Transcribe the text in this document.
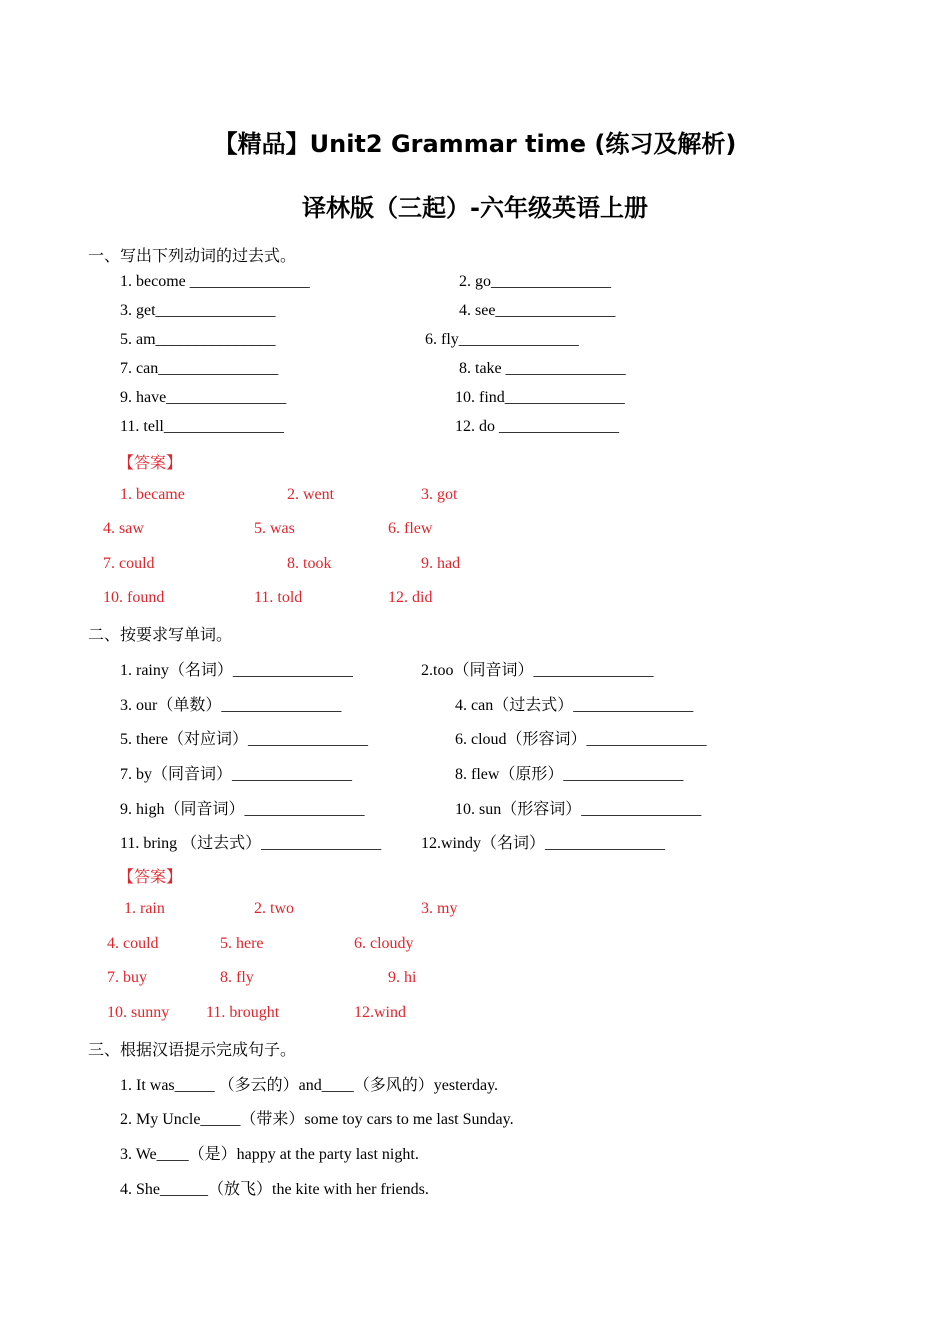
【精品】Unit2 Grammar time (练习及解析)
译林版（三起）-六年级英语上册
一、写出下列动词的过去式。
1. become _______________	2. go_______________
3. get_______________	4. see_______________
5. am_______________	6. fly_______________
7. can_______________	8. take _______________
9. have_______________	10. find_______________
11. tell_______________	12. do _______________
【答案】
1. became	2. went	3. got
4. saw	5. was	6. flew
7. could	8. took	9. had
10. found	11. told	12. did
二、按要求写单词。
1. rainy（名词）_______________	2.too（同音词）_______________
3. our（单数）_______________	4. can（过去式）_______________
5. there（对应词）_______________	6. cloud（形容词）_______________
7. by（同音词）_______________	8. flew（原形）_______________
9. high（同音词）_______________	10. sun（形容词）_______________
11. bring （过去式）_______________ 12.windy（名词）_______________
【答案】
1. rain	2. two	3. my
4. could	5. here	6. cloudy
7. buy	8. fly	9. hi
10. sunny 11. brought	12.wind
三、根据汉语提示完成句子。
1. It was_____ （多云的）and____（多风的）yesterday.
2. My Uncle_____（带来）some toy cars to me last Sunday.
3. We____（是）happy at the party last night.
4. She______（放飞）the kite with her friends.
